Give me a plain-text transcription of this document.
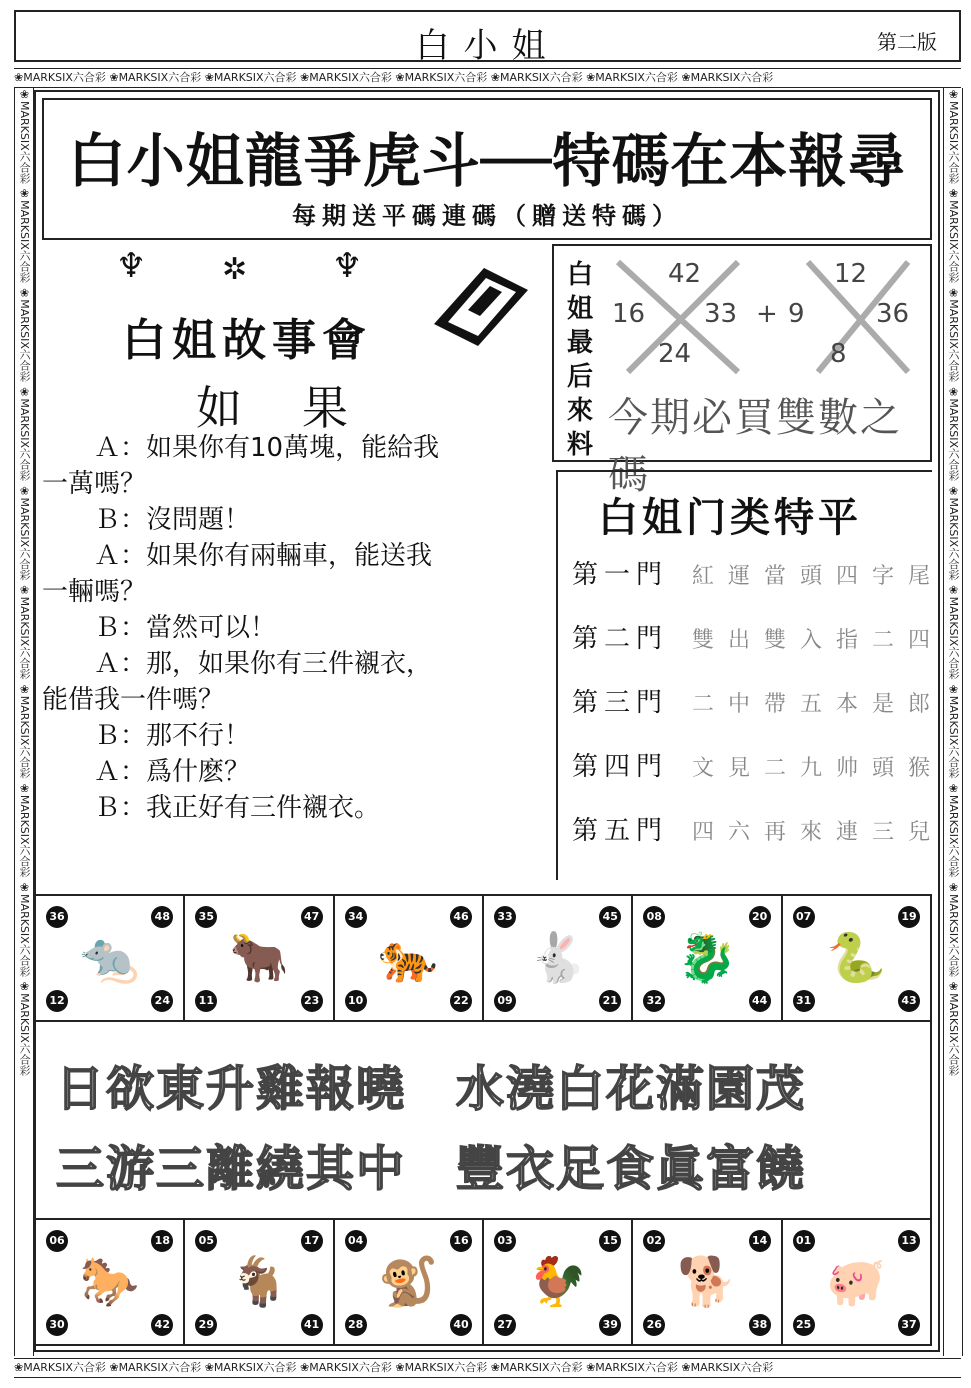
白小姐	第二版
❀MARKSIX六合彩 ❀MARKSIX六合彩 ❀MARKSIX六合彩 ❀MARKSIX六合彩 ❀MARKSIX六合彩 ❀MARKSIX六合彩 ❀MARKSIX六合彩 ❀MARKSIX六合彩
❀MARKSIX六合彩 ❀MARKSIX六合彩 ❀MARKSIX六合彩 ❀MARKSIX六合彩 ❀MARKSIX六合彩 ❀MARKSIX六合彩 ❀MARKSIX六合彩 ❀MARKSIX六合彩
❀MARKSIX六合彩 ❀MARKSIX六合彩 ❀MARKSIX六合彩 ❀MARKSIX六合彩 ❀MARKSIX六合彩 ❀MARKSIX六合彩 ❀MARKSIX六合彩 ❀MARKSIX六合彩 ❀MARKSIX六合彩 ❀MARKSIX六合彩	❀MARKSIX六合彩 ❀MARKSIX六合彩 ❀MARKSIX六合彩 ❀MARKSIX六合彩 ❀MARKSIX六合彩 ❀MARKSIX六合彩 ❀MARKSIX六合彩 ❀MARKSIX六合彩 ❀MARKSIX六合彩 ❀MARKSIX六合彩
白小姐龍爭虎斗──特碼在本報尋
每期送平碼連碼（贈送特碼）
♆	✲ ♆
白姐故事會
如果
　　Ａ：如果你有10萬塊，能給我
一萬嗎？
　　Ｂ：沒問題！
　　Ａ：如果你有兩輛車，能送我
一輛嗎？
　　Ｂ：當然可以！
　　Ａ：那，如果你有三件襯衣，
能借我一件嗎？
　　Ｂ：那不行！
　　Ａ：爲什麽？
　　Ｂ：我正好有三件襯衣。
白
姐
最
后
來
料
16
42
24
33 + 9
12
8
36
今期必買雙數之碼
白姐门类特平
第一門 紅運當頭四字尾
第二門 雙出雙入指二四
第三門 二中帶五本是郎
第四門 文見二九帅頭猴
第五門 四六再來連三兒
36	48
12	24
🐀
35	47
11	23
🐂
34	46
10	22
🐅
33	45
09	21
🐇
08	20
32	44
🐉
07	19
31	43
🐍
日欲東升雞報曉　水澆白花滿園茂
三游三離繞其中　豐衣足食眞富饒
06	18
30	42
🐎
05	17
29	41
🐐
04	16
28	40
🐒
03	15
27	39
🐓
02	14
26	38
🐕
01	13
25	37
🐖
